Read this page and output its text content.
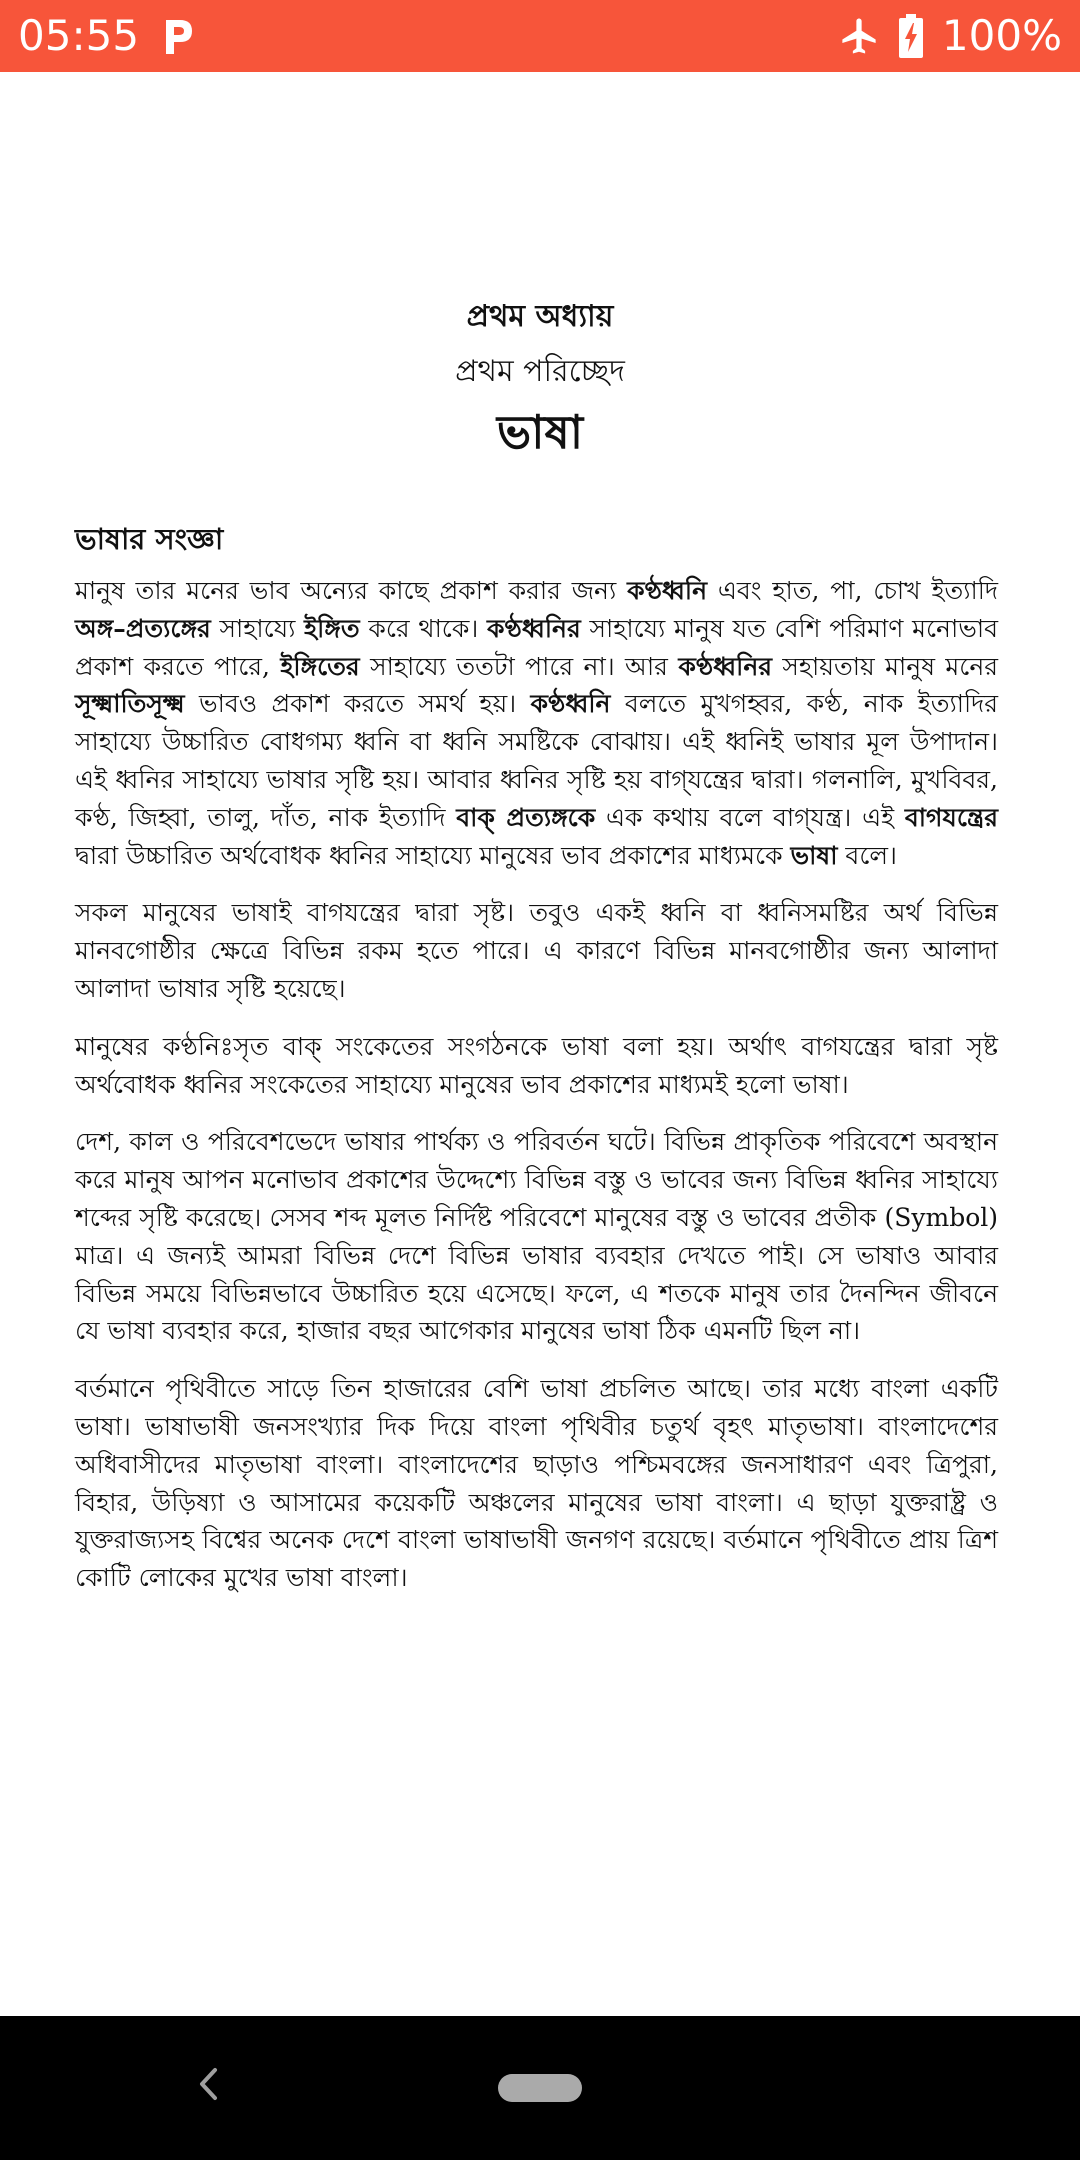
05:55	100%
প্রথম অধ্যায়
প্রথম পরিচ্ছেদ
ভাষা
ভাষার সংজ্ঞা

মানুষ তার মনের ভাব অন্যের কাছে প্রকাশ করার জন্য কণ্ঠধ্বনি এবং হাত, পা, চোখ ইত্যাদি অঙ্গ–প্রত্যঙ্গের সাহায্যে ইঙ্গিত করে থাকে। কণ্ঠধ্বনির সাহায্যে মানুষ যত বেশি পরিমাণ মনোভাব প্রকাশ করতে পারে, ইঙ্গিতের সাহায্যে ততটা পারে না। আর কণ্ঠধ্বনির সহায়তায় মানুষ মনের সূক্ষ্মাতিসূক্ষ্ম ভাবও প্রকাশ করতে সমর্থ হয়। কণ্ঠধ্বনি বলতে মুখগহ্বর, কণ্ঠ, নাক ইত্যাদির সাহায্যে উচ্চারিত বোধগম্য ধ্বনি বা ধ্বনি সমষ্টিকে বোঝায়। এই ধ্বনিই ভাষার মূল উপাদান। এই ধ্বনির সাহায্যে ভাষার সৃষ্টি হয়। আবার ধ্বনির সৃষ্টি হয় বাগ্‌যন্ত্রের দ্বারা। গলনালি, মুখবিবর, কণ্ঠ, জিহ্বা, তালু, দাঁত, নাক ইত্যাদি বাক্‌ প্রত্যঙ্গকে এক কথায় বলে বাগ্‌যন্ত্র। এই বাগযন্ত্রের দ্বারা উচ্চারিত অর্থবোধক ধ্বনির সাহায্যে মানুষের ভাব প্রকাশের মাধ্যমকে ভাষা বলে।

সকল মানুষের ভাষাই বাগযন্ত্রের দ্বারা সৃষ্ট। তবুও একই ধ্বনি বা ধ্বনিসমষ্টির অর্থ বিভিন্ন মানবগোষ্ঠীর ক্ষেত্রে বিভিন্ন রকম হতে পারে। এ কারণে বিভিন্ন মানবগোষ্ঠীর জন্য আলাদা আলাদা ভাষার সৃষ্টি হয়েছে।

মানুষের কণ্ঠনিঃসৃত বাক্‌ সংকেতের সংগঠনকে ভাষা বলা হয়। অর্থাৎ বাগযন্ত্রের দ্বারা সৃষ্ট অর্থবোধক ধ্বনির সংকেতের সাহায্যে মানুষের ভাব প্রকাশের মাধ্যমই হলো ভাষা।

দেশ, কাল ও পরিবেশভেদে ভাষার পার্থক্য ও পরিবর্তন ঘটে। বিভিন্ন প্রাকৃতিক পরিবেশে অবস্থান করে মানুষ আপন মনোভাব প্রকাশের উদ্দেশ্যে বিভিন্ন বস্তু ও ভাবের জন্য বিভিন্ন ধ্বনির সাহায্যে শব্দের সৃষ্টি করেছে। সেসব শব্দ মূলত নির্দিষ্ট পরিবেশে মানুষের বস্তু ও ভাবের প্রতীক (Symbol) মাত্র। এ জন্যই আমরা বিভিন্ন দেশে বিভিন্ন ভাষার ব্যবহার দেখতে পাই। সে ভাষাও আবার বিভিন্ন সময়ে বিভিন্নভাবে উচ্চারিত হয়ে এসেছে। ফলে, এ শতকে মানুষ তার দৈনন্দিন জীবনে যে ভাষা ব্যবহার করে, হাজার বছর আগেকার মানুষের ভাষা ঠিক এমনটি ছিল না।

বর্তমানে পৃথিবীতে সাড়ে তিন হাজারের বেশি ভাষা প্রচলিত আছে। তার মধ্যে বাংলা একটি ভাষা। ভাষাভাষী জনসংখ্যার দিক দিয়ে বাংলা পৃথিবীর চতুর্থ বৃহৎ মাতৃভাষা। বাংলাদেশের অধিবাসীদের মাতৃভাষা বাংলা। বাংলাদেশের ছাড়াও পশ্চিমবঙ্গের জনসাধারণ এবং ত্রিপুরা, বিহার, উড়িষ্যা ও আসামের কয়েকটি অঞ্চলের মানুষের ভাষা বাংলা। এ ছাড়া যুক্তরাষ্ট্র ও যুক্তরাজ্যসহ বিশ্বের অনেক দেশে বাংলা ভাষাভাষী জনগণ রয়েছে। বর্তমানে পৃথিবীতে প্রায় ত্রিশ কোটি লোকের মুখের ভাষা বাংলা।
